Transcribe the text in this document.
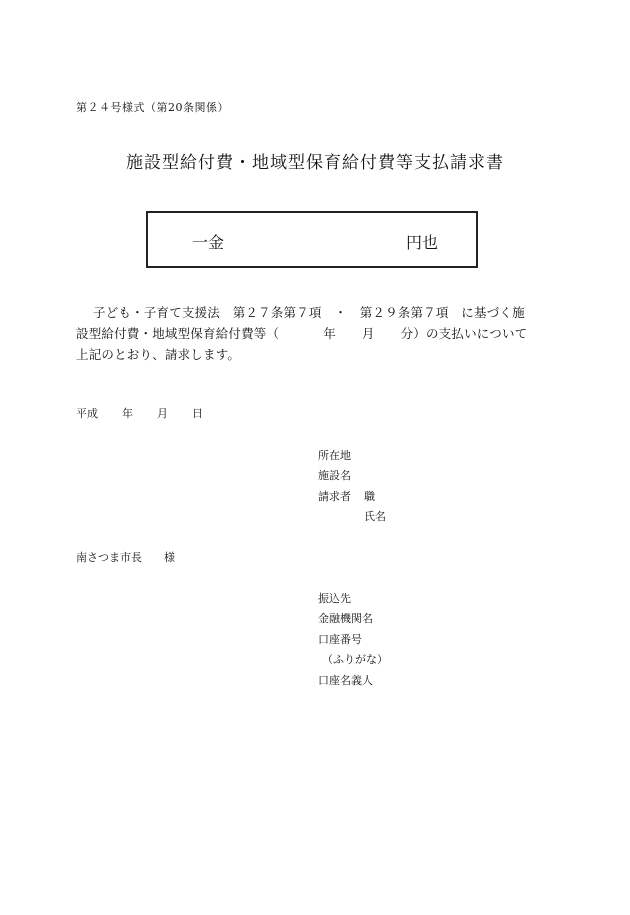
第２４号様式（第20条関係）
施設型給付費・地域型保育給付費等支払請求書
一金	円也
子ども・子育て支援法　第２７条第７項　・　第２９条第７項　に基づく施
設型給付費・地域型保育給付費等（	年 月 分）の支払いについて
上記のとおり、請求します。
平成 年 月 日
所在地
施設名
請求者 職
氏名
南さつま市長 様
振込先
金融機関名
口座番号
（ふりがな）
口座名義人
